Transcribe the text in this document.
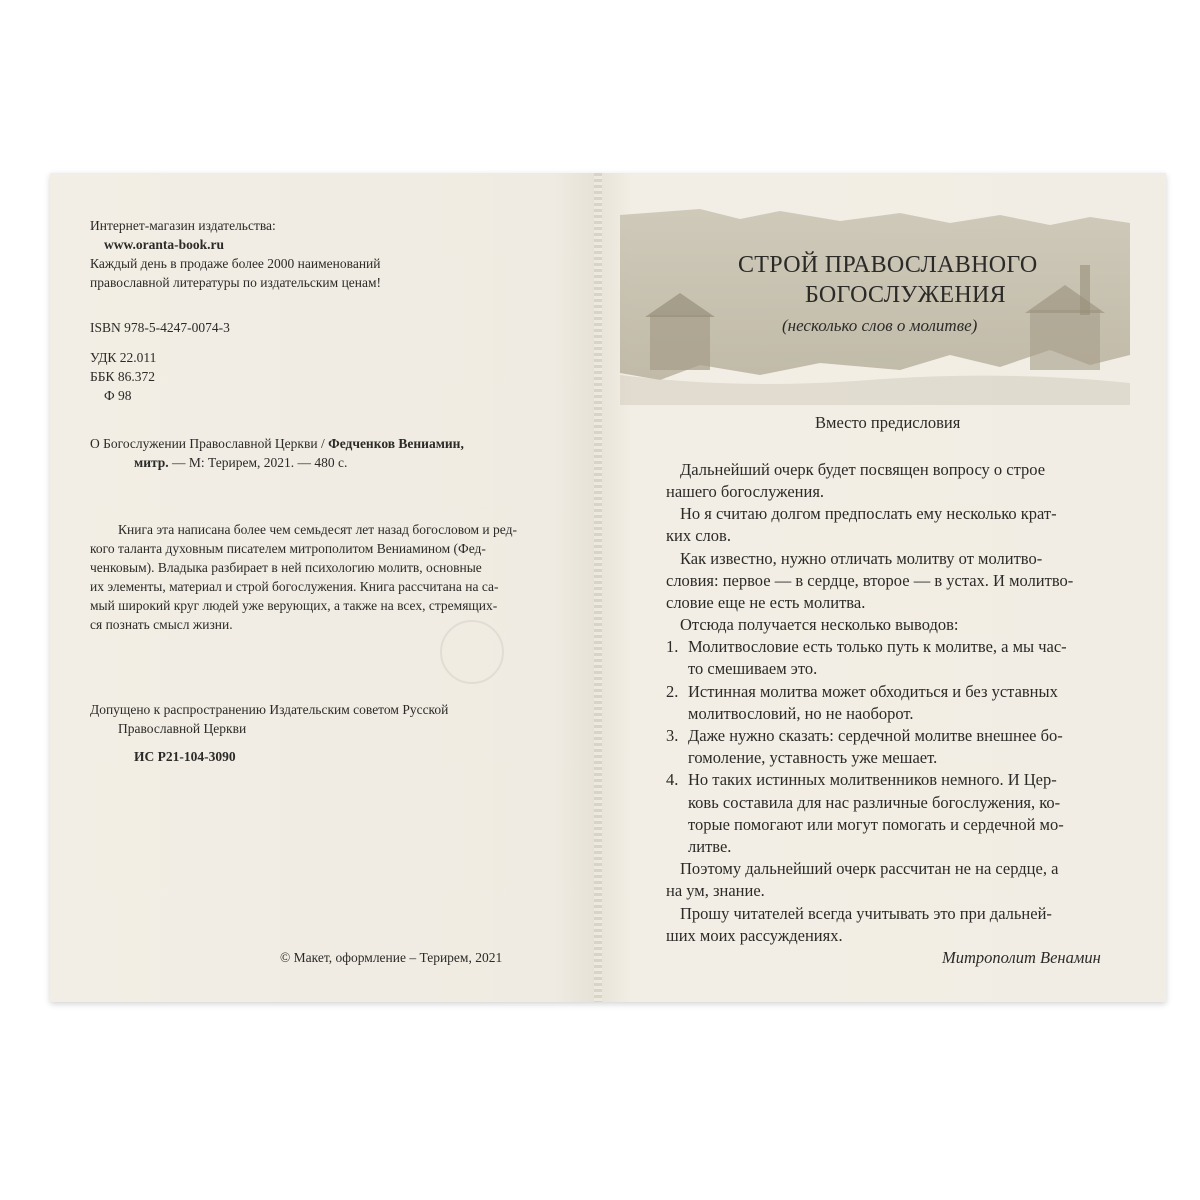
Интернет-магазин издательства:
www.oranta-book.ru
Каждый день в продаже более 2000 наименований
православной литературы по издательским ценам!
ISBN 978-5-4247-0074-3
УДК 22.011
ББК 86.372
Ф 98
О Богослужении Православной Церкви / Федченков Вениамин,
митр. — М: Терирем, 2021. — 480 с.
Книга эта написана более чем семьдесят лет назад богословом и ред-
кого таланта духовным писателем митрополитом Вениамином (Фед-
ченковым). Владыка разбирает в ней психологию молитв, основные
их элементы, материал и строй богослужения. Книга рассчитана на са-
мый широкий круг людей уже верующих, а также на всех, стремящих-
ся познать смысл жизни.
Допущено к распространению Издательским советом Русской
Православной Церкви
ИС Р21-104-3090
© Макет, оформление – Терирем, 2021
СТРОЙ ПРАВОСЛАВНОГО
БОГОСЛУЖЕНИЯ
(несколько слов о молитве)
Вместо предисловия
Дальнейший очерк будет посвящен вопросу о строе
нашего богослужения.
Но я считаю долгом предпослать ему несколько крат-
ких слов.
Как известно, нужно отличать молитву от молитво-
словия: первое — в сердце, второе — в устах. И молитво-
словие еще не есть молитва.
Отсюда получается несколько выводов:
1. Молитвословие есть только путь к молитве, а мы час-
то смешиваем это.
2. Истинная молитва может обходиться и без уставных
молитвословий, но не наоборот.
3. Даже нужно сказать: сердечной молитве внешнее бо-
гомоление, уставность уже мешает.
4. Но таких истинных молитвенников немного. И Цер-
ковь составила для нас различные богослужения, ко-
торые помогают или могут помогать и сердечной мо-
литве.
Поэтому дальнейший очерк рассчитан не на сердце, а
на ум, знание.
Прошу читателей всегда учитывать это при дальней-
ших моих рассуждениях.
Митрополит Венамин
